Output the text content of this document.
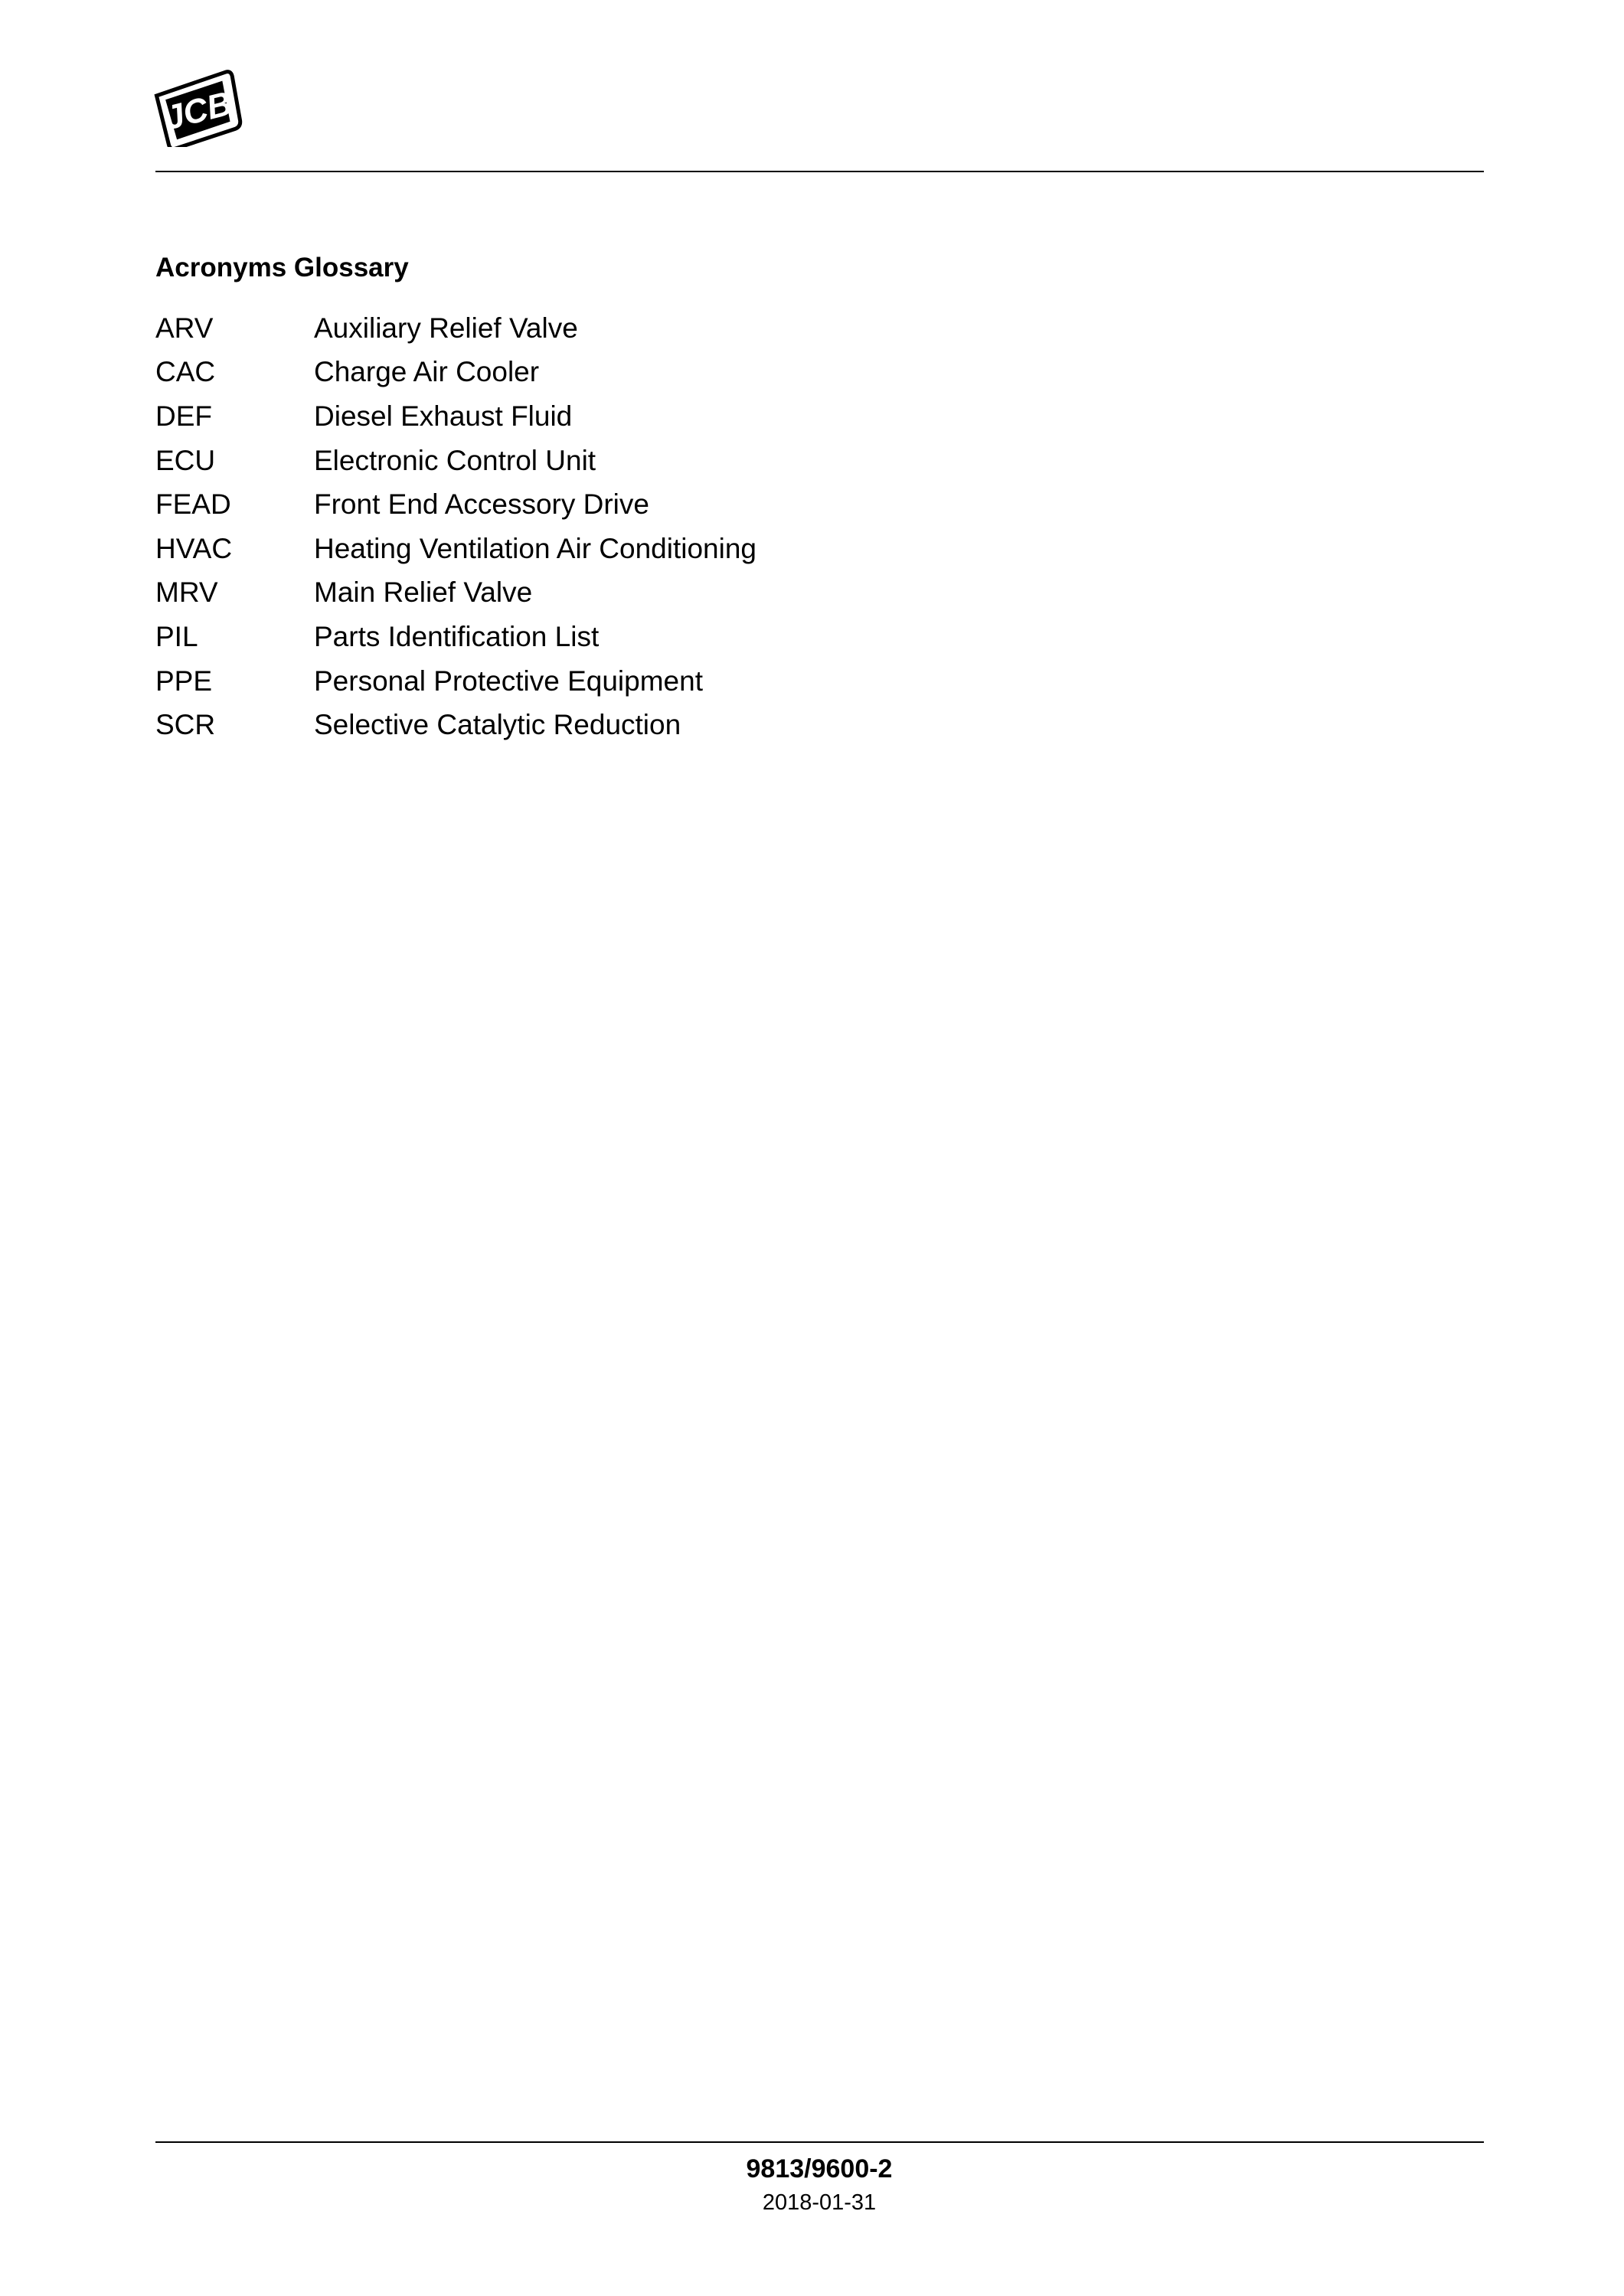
JCB
Acronyms Glossary
ARV	Auxiliary Relief Valve
CAC	Charge Air Cooler
DEF	Diesel Exhaust Fluid
ECU	Electronic Control Unit
FEAD	Front End Accessory Drive
HVAC	Heating Ventilation Air Conditioning
MRV	Main Relief Valve
PIL	Parts Identification List
PPE	Personal Protective Equipment
SCR	Selective Catalytic Reduction
9813/9600-2
2018-01-31
